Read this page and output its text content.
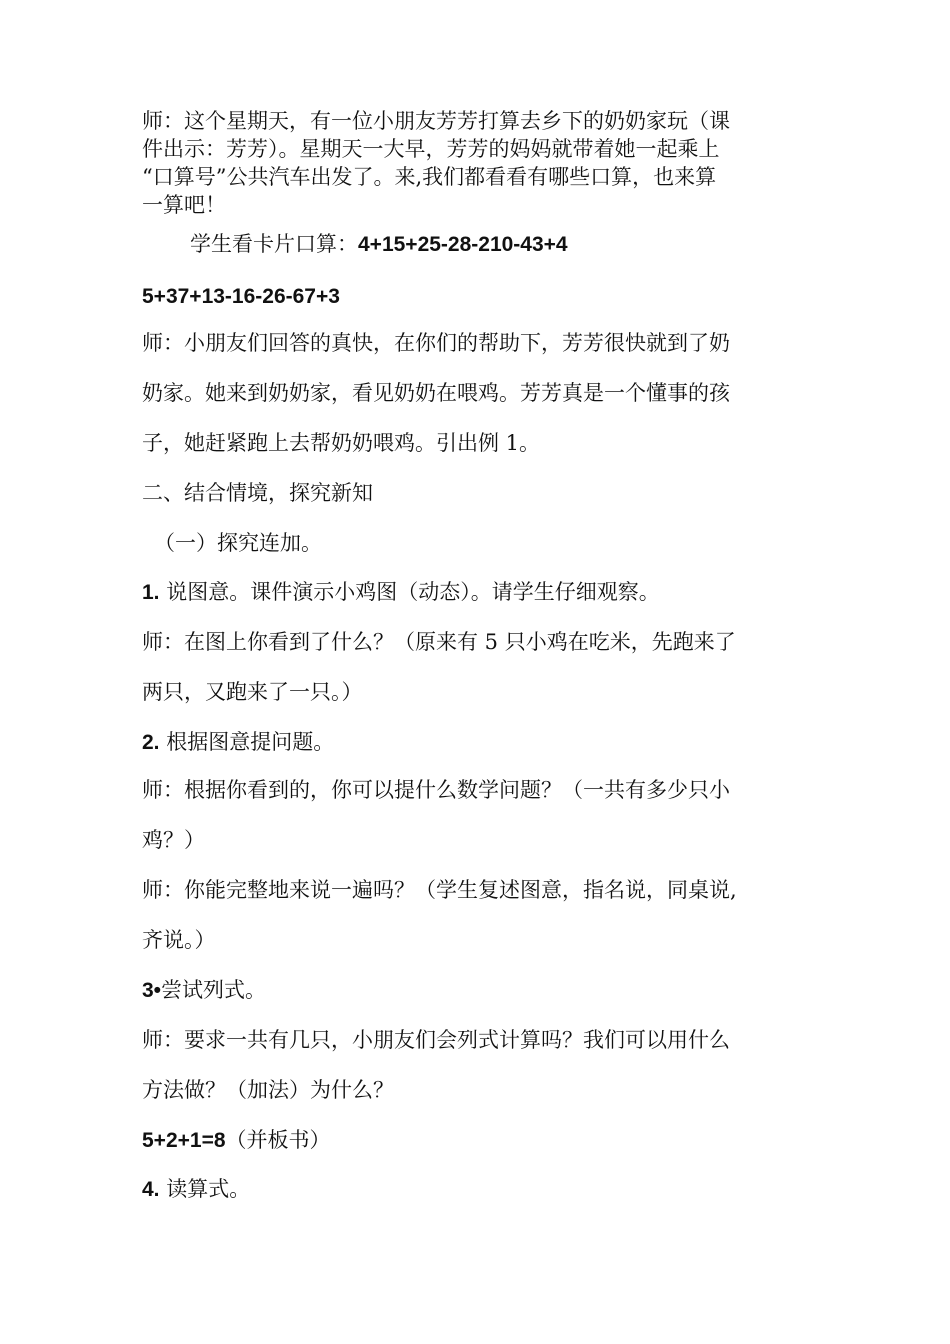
师：这个星期天，有一位小朋友芳芳打算去乡下的奶奶家玩（课
件出示：芳芳）。星期天一大早，芳芳的妈妈就带着她一起乘上
“口算号”公共汽车出发了。来,我们都看看有哪些口算，也来算
一算吧！
学生看卡片口算：4+15+25-28-210-43+4
5+37+13-16-26-67+3
师：小朋友们回答的真快，在你们的帮助下，芳芳很快就到了奶
奶家。她来到奶奶家，看见奶奶在喂鸡。芳芳真是一个懂事的孩
子，她赶紧跑上去帮奶奶喂鸡。引出例 1。
二、结合情境，探究新知
（一）探究连加。
1. 说图意。课件演示小鸡图（动态）。请学生仔细观察。
师：在图上你看到了什么？（原来有 5 只小鸡在吃米，先跑来了
两只，又跑来了一只。）
2. 根据图意提问题。
师：根据你看到的，你可以提什么数学问题？（一共有多少只小
鸡？）
师：你能完整地来说一遍吗？（学生复述图意，指名说，同桌说,
齐说。）
3•尝试列式。
师：要求一共有几只，小朋友们会列式计算吗？我们可以用什么
方法做？（加法）为什么？
5+2+1=8（并板书）
4. 读算式。
